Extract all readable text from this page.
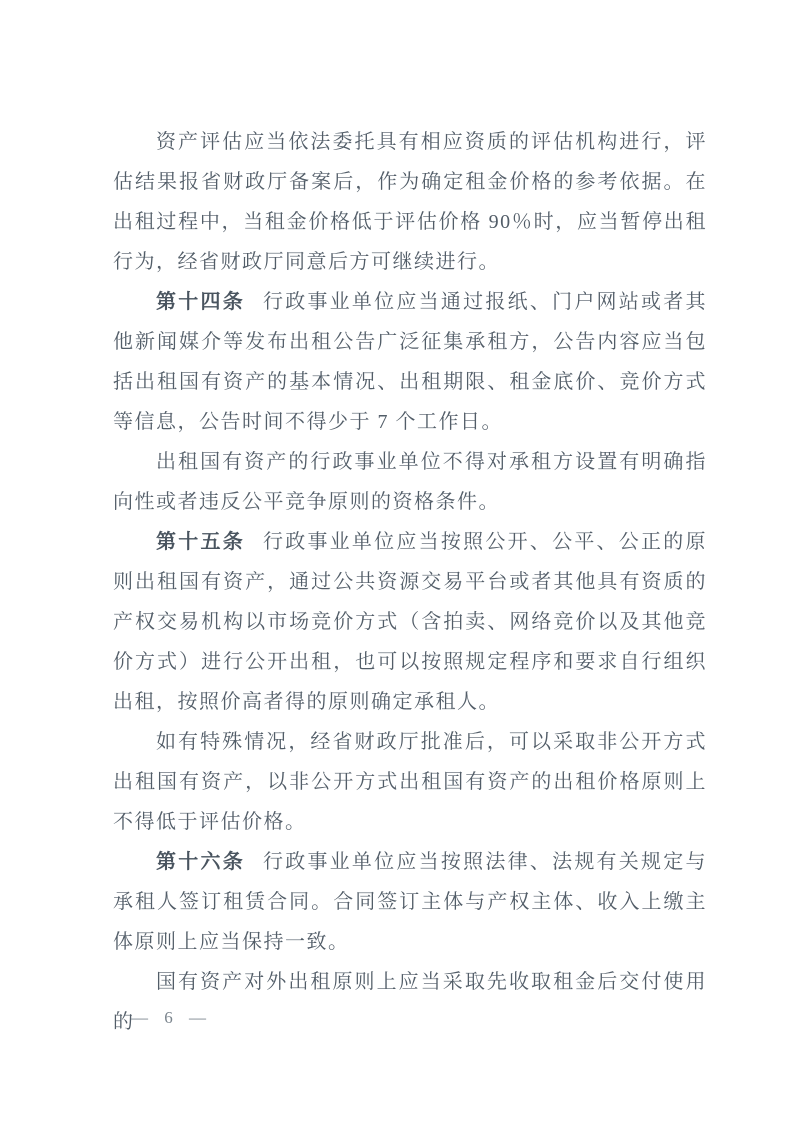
资产评估应当依法委托具有相应资质的评估机构进行，评估结果报省财政厅备案后，作为确定租金价格的参考依据。在出租过程中，当租金价格低于评估价格 90％时，应当暂停出租行为，经省财政厅同意后方可继续进行。

第十四条 行政事业单位应当通过报纸、门户网站或者其他新闻媒介等发布出租公告广泛征集承租方，公告内容应当包括出租国有资产的基本情况、出租期限、租金底价、竞价方式等信息，公告时间不得少于 7 个工作日。

出租国有资产的行政事业单位不得对承租方设置有明确指向性或者违反公平竞争原则的资格条件。

第十五条 行政事业单位应当按照公开、公平、公正的原则出租国有资产，通过公共资源交易平台或者其他具有资质的产权交易机构以市场竞价方式（含拍卖、网络竞价以及其他竞价方式）进行公开出租，也可以按照规定程序和要求自行组织出租，按照价高者得的原则确定承租人。

如有特殊情况，经省财政厅批准后，可以采取非公开方式出租国有资产，以非公开方式出租国有资产的出租价格原则上不得低于评估价格。

第十六条 行政事业单位应当按照法律、法规有关规定与承租人签订租赁合同。合同签订主体与产权主体、收入上缴主体原则上应当保持一致。

国有资产对外出租原则上应当采取先收取租金后交付使用的

— 6 —
